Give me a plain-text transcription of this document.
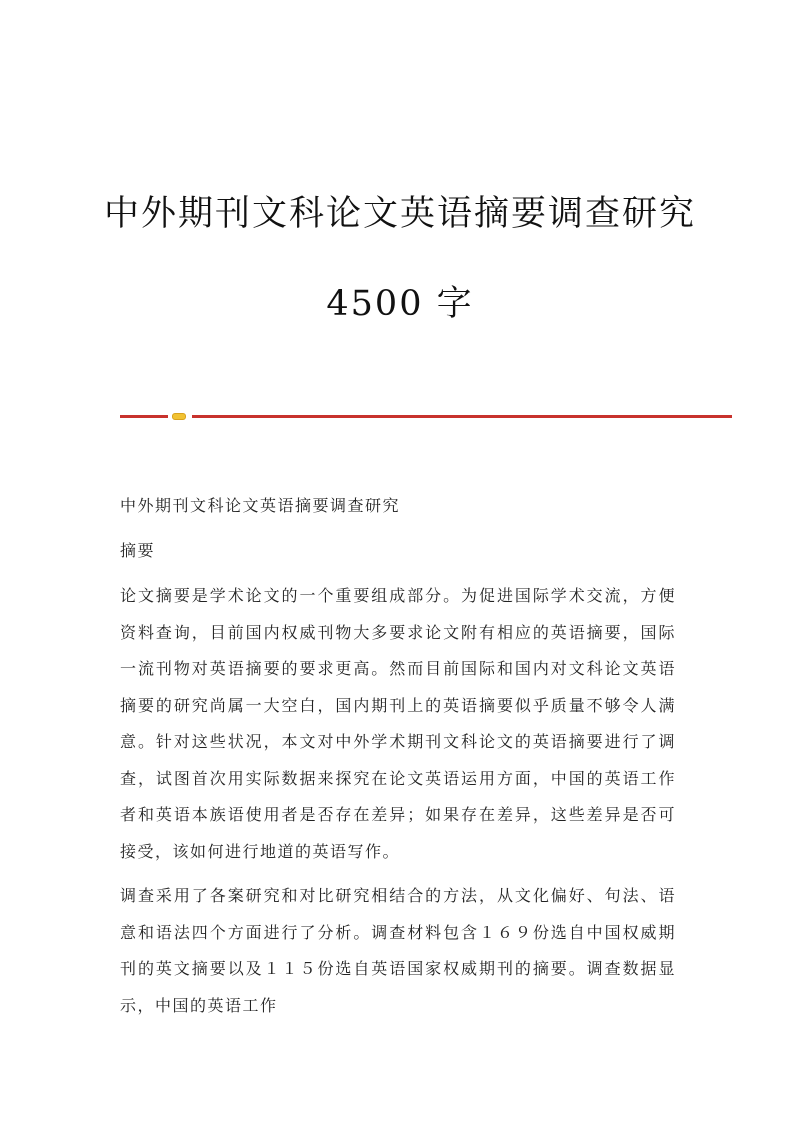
中外期刊文科论文英语摘要调查研究
4500 字

中外期刊文科论文英语摘要调查研究

摘要

论文摘要是学术论文的一个重要组成部分。为促进国际学术交流，方便资料查询，目前国内权威刊物大多要求论文附有相应的英语摘要，国际一流刊物对英语摘要的要求更高。然而目前国际和国内对文科论文英语摘要的研究尚属一大空白，国内期刊上的英语摘要似乎质量不够令人满意。针对这些状况，本文对中外学术期刊文科论文的英语摘要进行了调查，试图首次用实际数据来探究在论文英语运用方面，中国的英语工作者和英语本族语使用者是否存在差异；如果存在差异，这些差异是否可接受，该如何进行地道的英语写作。

调查采用了各案研究和对比研究相结合的方法，从文化偏好、句法、语意和语法四个方面进行了分析。调查材料包含１６９份选自中国权威期刊的英文摘要以及１１５份选自英语国家权威期刊的摘要。调查数据显示，中国的英语工作
